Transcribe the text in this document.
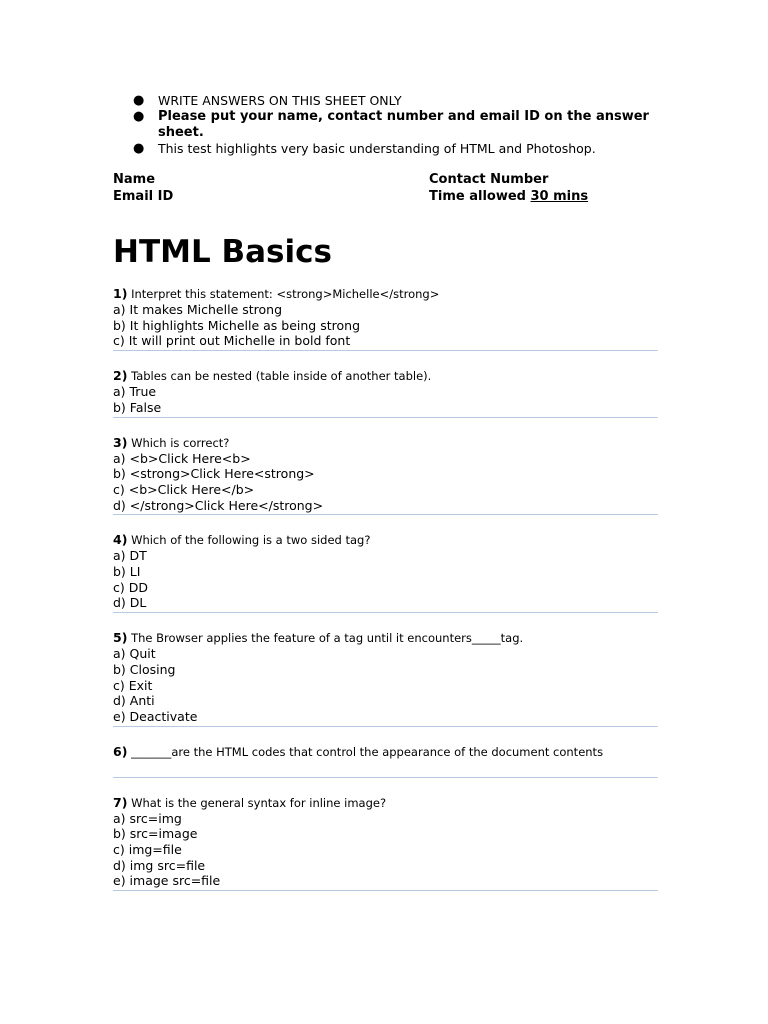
● WRITE ANSWERS ON THIS SHEET ONLY
● Please put your name, contact number and email ID on the answer sheet.
● This test highlights very basic understanding of HTML and Photoshop.
Name	Contact Number
Email ID	Time allowed 30 mins
HTML Basics
1) Interpret this statement: <strong>Michelle</strong>
a) It makes Michelle strong
b) It highlights Michelle as being strong
c) It will print out Michelle in bold font
2) Tables can be nested (table inside of another table).
a) True
b) False
3) Which is correct?
a) <b>Click Here<b>
b) <strong>Click Here<strong>
c) <b>Click Here</b>
d) </strong>Click Here</strong>
4) Which of the following is a two sided tag?
a) DT
b) LI
c) DD
d) DL
5) The Browser applies the feature of a tag until it encounters_____tag.
a) Quit
b) Closing
c) Exit
d) Anti
e) Deactivate
6) _______are the HTML codes that control the appearance of the document contents
7) What is the general syntax for inline image?
a) src=img
b) src=image
c) img=file
d) img src=file
e) image src=file
